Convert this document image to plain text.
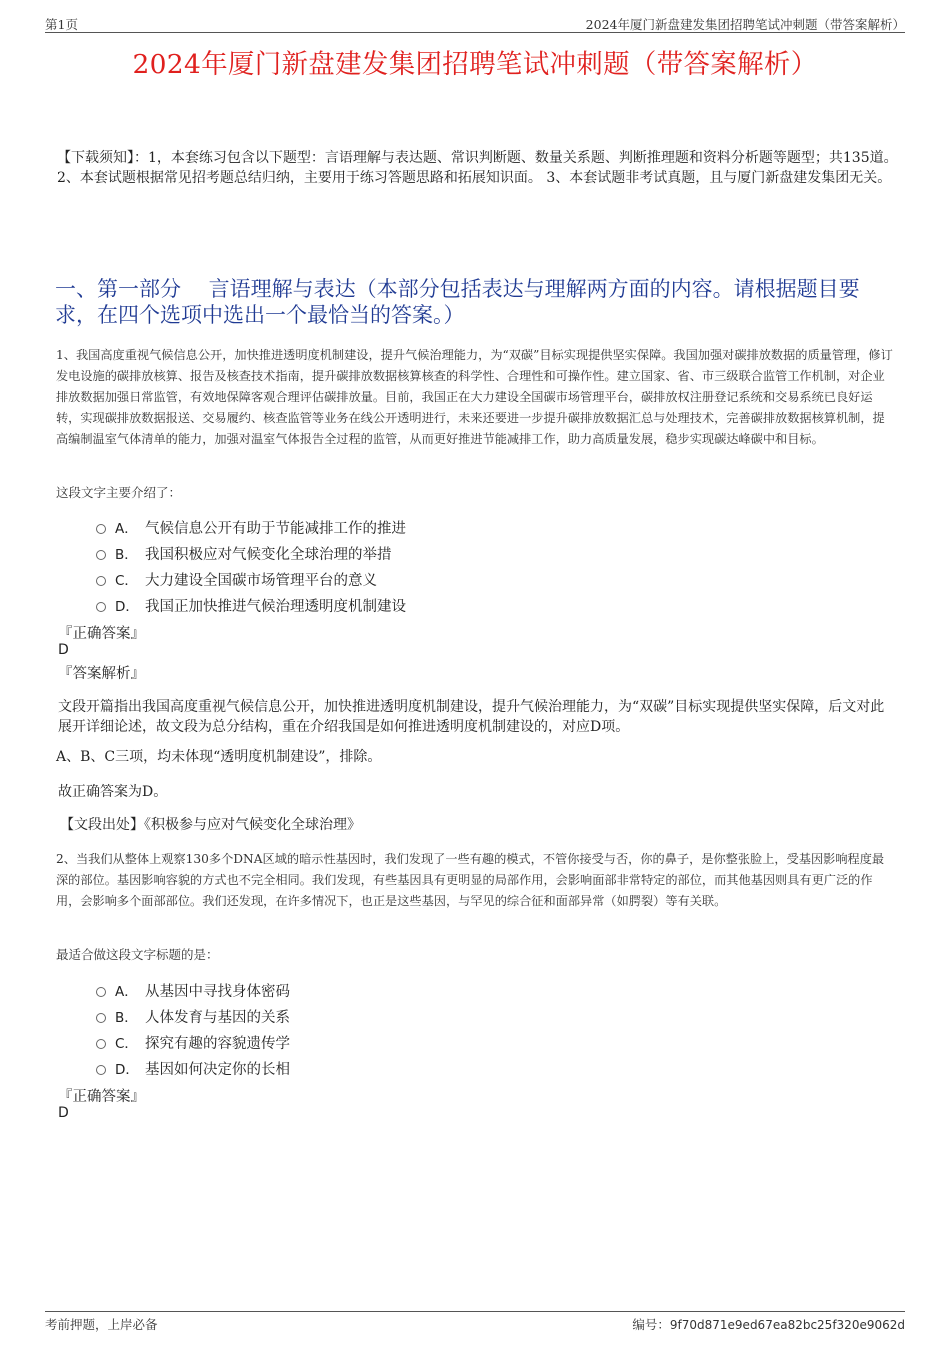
第1页	2024年厦门新盘建发集团招聘笔试冲刺题（带答案解析）
2024年厦门新盘建发集团招聘笔试冲刺题（带答案解析）
【下载须知】：1，本套练习包含以下题型：言语理解与表达题、常识判断题、数量关系题、判断推理题和资料分析题等题型；共135道。 2、本套试题根据常见招考题总结归纳，主要用于练习答题思路和拓展知识面。 3、本套试题非考试真题，且与厦门新盘建发集团无关。
一、第一部分　 言语理解与表达（本部分包括表达与理解两方面的内容。请根据题目要求，在四个选项中选出一个最恰当的答案。）
1、我国高度重视气候信息公开，加快推进透明度机制建设，提升气候治理能力，为“双碳”目标实现提供坚实保障。我国加强对碳排放数据的质量管理，修订发电设施的碳排放核算、报告及核查技术指南，提升碳排放数据核算核查的科学性、合理性和可操作性。建立国家、省、市三级联合监管工作机制，对企业排放数据加强日常监管，有效地保障客观合理评估碳排放量。目前，我国正在大力建设全国碳市场管理平台，碳排放权注册登记系统和交易系统已良好运转，实现碳排放数据报送、交易履约、核查监管等业务在线公开透明进行，未来还要进一步提升碳排放数据汇总与处理技术，完善碳排放数据核算机制，提高编制温室气体清单的能力，加强对温室气体报告全过程的监管，从而更好推进节能减排工作，助力高质量发展，稳步实现碳达峰碳中和目标。
这段文字主要介绍了：
A． 气候信息公开有助于节能减排工作的推进
B． 我国积极应对气候变化全球治理的举措
C． 大力建设全国碳市场管理平台的意义
D． 我国正加快推进气候治理透明度机制建设
『正确答案』
D
『答案解析』
文段开篇指出我国高度重视气候信息公开，加快推进透明度机制建设，提升气候治理能力，为“双碳”目标实现提供坚实保障，后文对此展开详细论述，故文段为总分结构，重在介绍我国是如何推进透明度机制建设的，对应D项。
A、B、C三项，均未体现“透明度机制建设”，排除。
故正确答案为D。
【文段出处】《积极参与应对气候变化全球治理》
2、当我们从整体上观察130多个DNA区域的暗示性基因时，我们发现了一些有趣的模式，不管你接受与否，你的鼻子，是你整张脸上，受基因影响程度最深的部位。基因影响容貌的方式也不完全相同。我们发现，有些基因具有更明显的局部作用，会影响面部非常特定的部位，而其他基因则具有更广泛的作用，会影响多个面部部位。我们还发现，在许多情况下，也正是这些基因，与罕见的综合征和面部异常（如腭裂）等有关联。
最适合做这段文字标题的是：
A． 从基因中寻找身体密码
B． 人体发育与基因的关系
C． 探究有趣的容貌遗传学
D． 基因如何决定你的长相
『正确答案』
D
考前押题，上岸必备	编号：9f70d871e9ed67ea82bc25f320e9062d
